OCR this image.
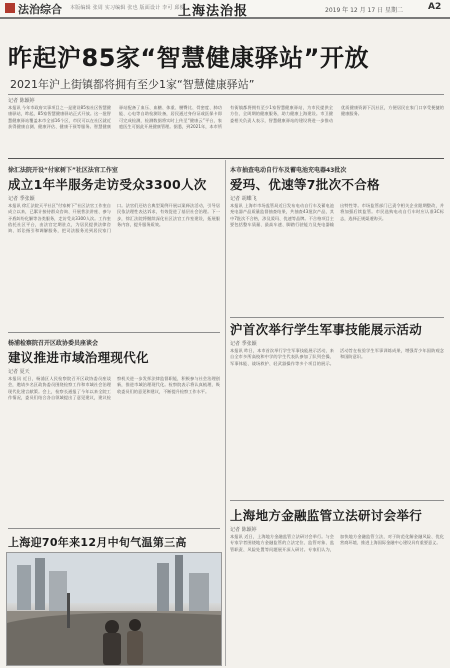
法治综合 本版编辑 张周 实习编辑 张也 版面设计 李可 邱俊
上海法治报	2019 年 12 月 17 日 星期二	A2
昨起沪85家“智慧健康驿站”开放
2021年沪上街镇都将拥有至少1家“智慧健康驿站”
记者 陈颖婷
本报讯 今年市政府实事项目之一是建设85家社区智慧健康驿站，昨起，85家智慧健康驿站正式开放。这一批智慧健康驿站覆盖本市全部16个区，市民可以在社区就近获得健康自测、健康评估、健康干预等服务。智慧健康驿站配备了血压、血糖、体重、腰臀比、骨密度、肺功能、心电等自助检测设备，居民通过身份证或医保卡即可完成检测，检测数据将实时上传至“健康云”平台，家庭医生可据此开展健康管理。据悉，到2021年，本市所有街镇都将拥有至少1家智慧健康驿站，为市民提供全方位、全周期的健康服务，助力健康上海建设。市卫健委相关负责人表示，智慧健康驿站的建设将进一步推动优质健康资源下沉社区，方便居民在家门口享受便捷的健康服务。
徐汇法院开设“付家树下”社区法官工作室
成立1年半服务走访受众3300人次
记者 季张颖
本报讯 徐汇法院天平社区“付家树下”社区法官工作室自成立以来，已累计接待群众咨询、开展普法讲座、参与矛盾纠纷化解等各类服务，走访受众3300人次。工作室依托社区平台，由法官定期驻点，为居民提供法律咨询、诉讼指引和调解服务，把司法服务送到居民家门口。法官们还结合典型案例开展以案释法活动，引导居民依法理性表达诉求，有效促进了基层社会治理。下一步，徐汇法院将继续深化社区法官工作室建设，拓展服务内容，提升服务质效。
杨浦检察院召开区政协委员座谈会
建议推进市域治理现代化
记者 夏天
本报讯 近日，杨浦区人民检察院召开区政协委员座谈会，邀请多名区政协委员围绕检察工作和市域社会治理现代化建言献策。会上，检察长通报了今年以来全院工作情况，委员们结合各自领域提出了意见建议，建议检察机关进一步发挥法律监督职能，积极参与社会治理创新，推进市域治理现代化。检察院表示将认真梳理、吸收委员们的意见和建议，不断提升检察工作水平。
上海迎70年来12月中旬气温第三高
本市抽查电动自行车及蓄电池充电器43批次
爱玛、优速等7批次不合格
记者 胡蝶飞
本报讯 上海市市场监管局近日发布电动自行车及蓄电池充电器产品质量监督抽查结果，共抽查43批次产品，其中7批次不合格，涉及爱玛、优速等品牌。不合格项目主要包括整车质量、最高车速、脚踏行驶能力及充电器输出特性等。市场监管部门已责令相关企业限期整改，并将加强后续监管。市民选购电动自行车时应认准3C标志，选择正规渠道购买。
沪首次举行学生军事技能展示活动
记者 季张颖
本报讯 昨日，本市首次举行学生军事技能展示活动，来自全市多所高校和中学的学生代表队参加了队列会操、军事体能、战场救护、轻武器操作等多个项目的展示。活动旨在检验学生军事训练成果，增强青少年国防观念和国防意识。
上海地方金融监管立法研讨会举行
记者 陈颖婷
本报讯 近日，上海地方金融监管立法研讨会举行。与会专家学者围绕地方金融监管的立法定位、监管对象、监管职责、风险处置等问题展开深入研讨。专家们认为，加快地方金融监管立法，对于防范化解金融风险、优化营商环境、推进上海国际金融中心建设具有重要意义。
